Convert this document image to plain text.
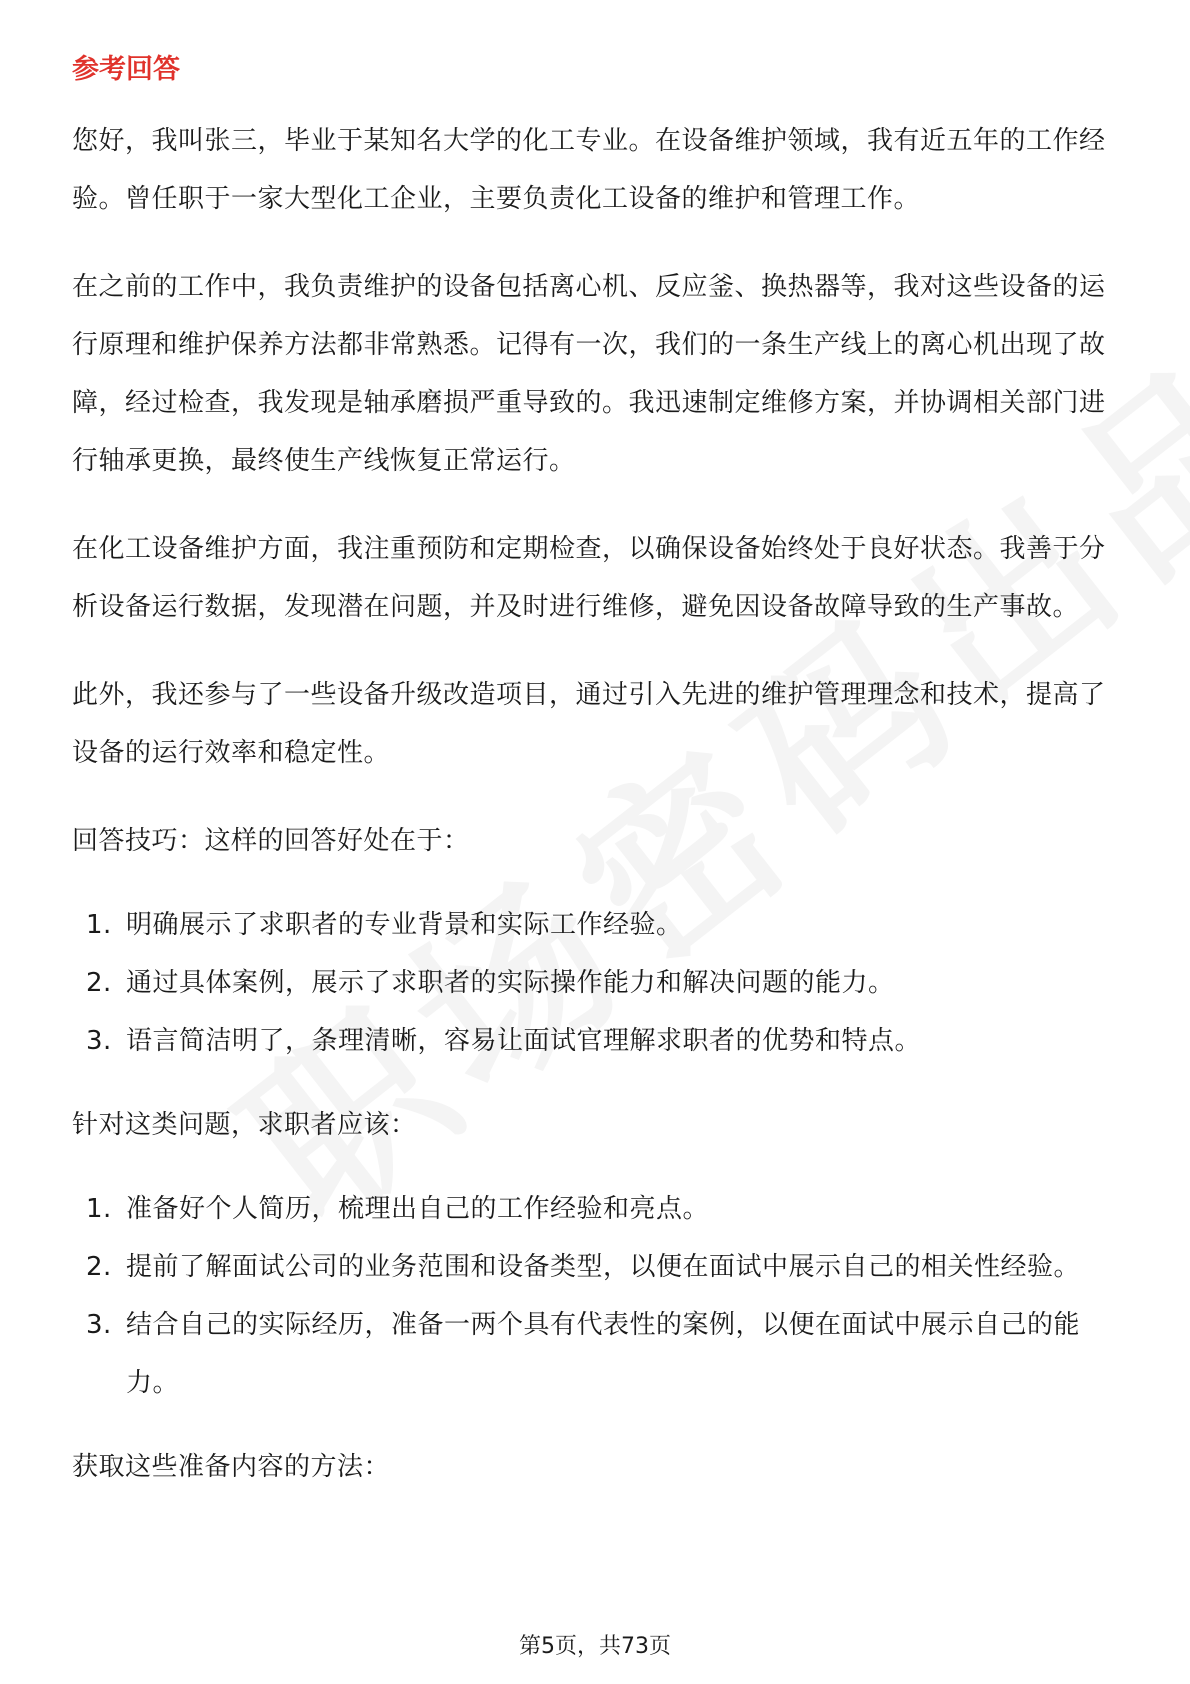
参考回答

您好，我叫张三，毕业于某知名大学的化工专业。在设备维护领域，我有近五年的工作经验。曾任职于一家大型化工企业，主要负责化工设备的维护和管理工作。

在之前的工作中，我负责维护的设备包括离心机、反应釜、换热器等，我对这些设备的运行原理和维护保养方法都非常熟悉。记得有一次，我们的一条生产线上的离心机出现了故障，经过检查，我发现是轴承磨损严重导致的。我迅速制定维修方案，并协调相关部门进行轴承更换，最终使生产线恢复正常运行。

在化工设备维护方面，我注重预防和定期检查，以确保设备始终处于良好状态。我善于分析设备运行数据，发现潜在问题，并及时进行维修，避免因设备故障导致的生产事故。

此外，我还参与了一些设备升级改造项目，通过引入先进的维护管理理念和技术，提高了设备的运行效率和稳定性。

回答技巧：这样的回答好处在于：
1. 明确展示了求职者的专业背景和实际工作经验。
2. 通过具体案例，展示了求职者的实际操作能力和解决问题的能力。
3. 语言简洁明了，条理清晰，容易让面试官理解求职者的优势和特点。
针对这类问题，求职者应该：
1. 准备好个人简历，梳理出自己的工作经验和亮点。
2. 提前了解面试公司的业务范围和设备类型，以便在面试中展示自己的相关性经验。
3. 结合自己的实际经历，准备一两个具有代表性的案例，以便在面试中展示自己的能力。
获取这些准备内容的方法：
第5页，共73页
